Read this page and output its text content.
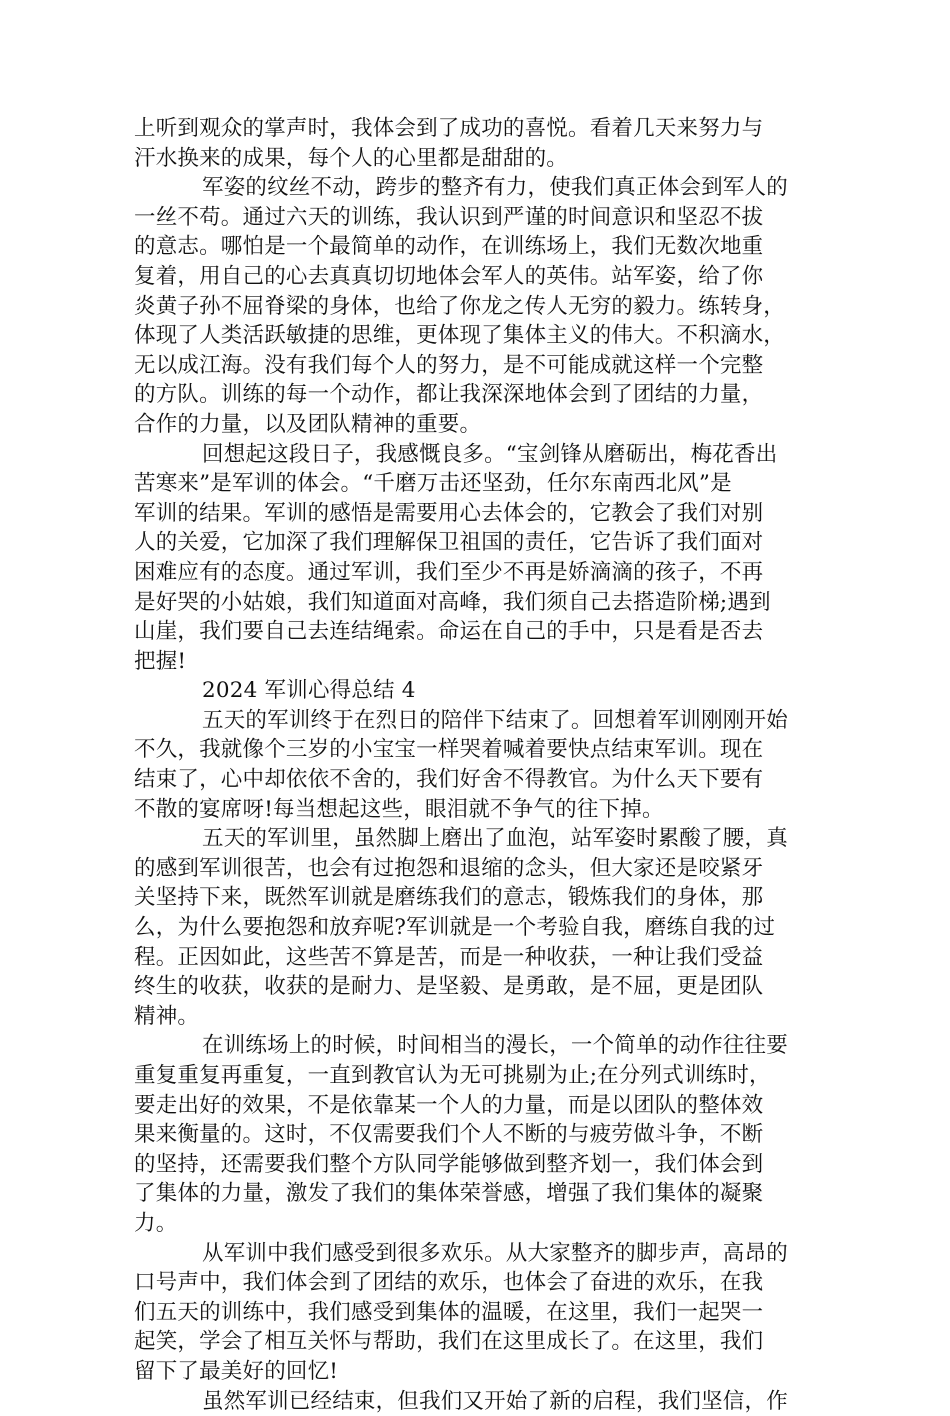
上听到观众的掌声时，我体会到了成功的喜悦。看着几天来努力与
汗水换来的成果，每个人的心里都是甜甜的。
军姿的纹丝不动，跨步的整齐有力，使我们真正体会到军人的
一丝不苟。通过六天的训练，我认识到严谨的时间意识和坚忍不拔
的意志。哪怕是一个最简单的动作，在训练场上，我们无数次地重
复着，用自己的心去真真切切地体会军人的英伟。站军姿，给了你
炎黄子孙不屈脊梁的身体，也给了你龙之传人无穷的毅力。练转身，
体现了人类活跃敏捷的思维，更体现了集体主义的伟大。不积滴水，
无以成江海。没有我们每个人的努力，是不可能成就这样一个完整
的方队。训练的每一个动作，都让我深深地体会到了团结的力量，
合作的力量，以及团队精神的重要。
回想起这段日子，我感慨良多。“宝剑锋从磨砺出，梅花香出
苦寒来”是军训的体会。“千磨万击还坚劲，任尔东南西北风”是
军训的结果。军训的感悟是需要用心去体会的，它教会了我们对别
人的关爱，它加深了我们理解保卫祖国的责任，它告诉了我们面对
困难应有的态度。通过军训，我们至少不再是娇滴滴的孩子，不再
是好哭的小姑娘，我们知道面对高峰，我们须自己去搭造阶梯;遇到
山崖，我们要自己去连结绳索。命运在自己的手中，只是看是否去
把握!
2024 军训心得总结 4
五天的军训终于在烈日的陪伴下结束了。回想着军训刚刚开始
不久，我就像个三岁的小宝宝一样哭着喊着要快点结束军训。现在
结束了，心中却依依不舍的，我们好舍不得教官。为什么天下要有
不散的宴席呀!每当想起这些，眼泪就不争气的往下掉。
五天的军训里，虽然脚上磨出了血泡，站军姿时累酸了腰，真
的感到军训很苦，也会有过抱怨和退缩的念头，但大家还是咬紧牙
关坚持下来，既然军训就是磨练我们的意志，锻炼我们的身体，那
么，为什么要抱怨和放弃呢?军训就是一个考验自我，磨练自我的过
程。正因如此，这些苦不算是苦，而是一种收获，一种让我们受益
终生的收获，收获的是耐力、是坚毅、是勇敢，是不屈，更是团队
精神。
在训练场上的时候，时间相当的漫长，一个简单的动作往往要
重复重复再重复，一直到教官认为无可挑剔为止;在分列式训练时，
要走出好的效果，不是依靠某一个人的力量，而是以团队的整体效
果来衡量的。这时，不仅需要我们个人不断的与疲劳做斗争，不断
的坚持，还需要我们整个方队同学能够做到整齐划一，我们体会到
了集体的力量，激发了我们的集体荣誉感，增强了我们集体的凝聚
力。
从军训中我们感受到很多欢乐。从大家整齐的脚步声，高昂的
口号声中，我们体会到了团结的欢乐，也体会了奋进的欢乐，在我
们五天的训练中，我们感受到集体的温暖，在这里，我们一起哭一
起笑，学会了相互关怀与帮助，我们在这里成长了。在这里，我们
留下了最美好的回忆!
虽然军训已经结束，但我们又开始了新的启程，我们坚信，作
